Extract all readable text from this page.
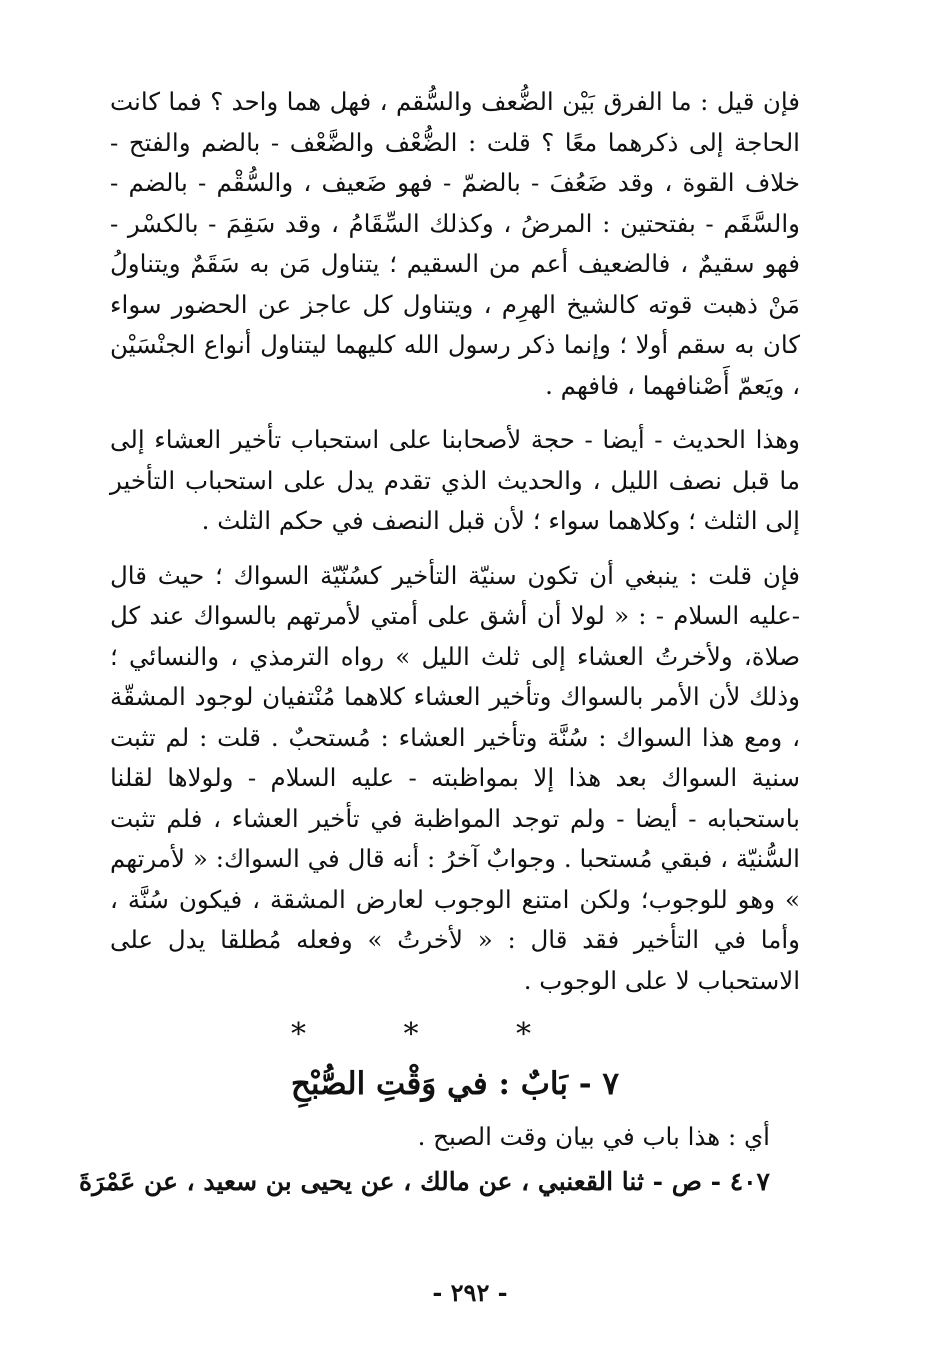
فإن قيل : ما الفرق بَيْن الضُّعف والسُّقم ، فهل هما واحد ؟ فما كانت الحاجة إلى ذكرهما معًا ؟ قلت : الضُّعْف والضَّعْف - بالضم والفتح - خلاف القوة ، وقد ضَعُفَ - بالضمّ - فهو ضَعيف ، والسُّقْم - بالضم - والسَّقَم - بفتحتين : المرضُ ، وكذلك السِّقَامُ ، وقد سَقِمَ - بالكسْر - فهو سقيمٌ ، فالضعيف أعم من السقيم ؛ يتناول مَن به سَقَمٌ ويتناولُ مَنْ ذهبت قوته كالشيخ الهرِم ، ويتناول كل عاجز عن الحضور سواء كان به سقم أولا ؛ وإنما ذكر رسول الله كليهما ليتناول أنواع الجنْسَيْن ، ويَعمّ أَصْنافهما ، فافهم .

وهذا الحديث - أيضا - حجة لأصحابنا على استحباب تأخير العشاء إلى ما قبل نصف الليل ، والحديث الذي تقدم يدل على استحباب التأخير إلى الثلث ؛ وكلاهما سواء ؛ لأن قبل النصف في حكم الثلث .

فإن قلت : ينبغي أن تكون سنيّة التأخير كسُنّيّة السواك ؛ حيث قال -عليه السلام - : « لولا أن أشق على أمتي لأمرتهم بالسواك عند كل صلاة، ولأخرتُ العشاء إلى ثلث الليل » رواه الترمذي ، والنسائي ؛ وذلك لأن الأمر بالسواك وتأخير العشاء كلاهما مُنْتفيان لوجود المشقّة ، ومع هذا السواك : سُنَّة وتأخير العشاء : مُستحبٌ . قلت : لم تثبت سنية السواك بعد هذا إلا بمواظبته - عليه السلام - ولولاها لقلنا باستحبابه - أيضا - ولم توجد المواظبة في تأخير العشاء ، فلم تثبت السُّنيّة ، فبقي مُستحبا . وجوابٌ آخرُ : أنه قال في السواك: « لأمرتهم » وهو للوجوب؛ ولكن امتنع الوجوب لعارض المشقة ، فيكون سُنَّة ، وأما في التأخير فقد قال : « لأخرتُ » وفعله مُطلقا يدل على الاستحباب لا على الوجوب .

* * *
٧ - بَابٌ : في وَقْتِ الصُّبْحِ

أي : هذا باب في بيان وقت الصبح .

٤٠٧ - ص - ثنا القعنبي ، عن مالك ، عن يحيى بن سعيد ، عن عَمْرَةَ

- ٢٩٢ -
